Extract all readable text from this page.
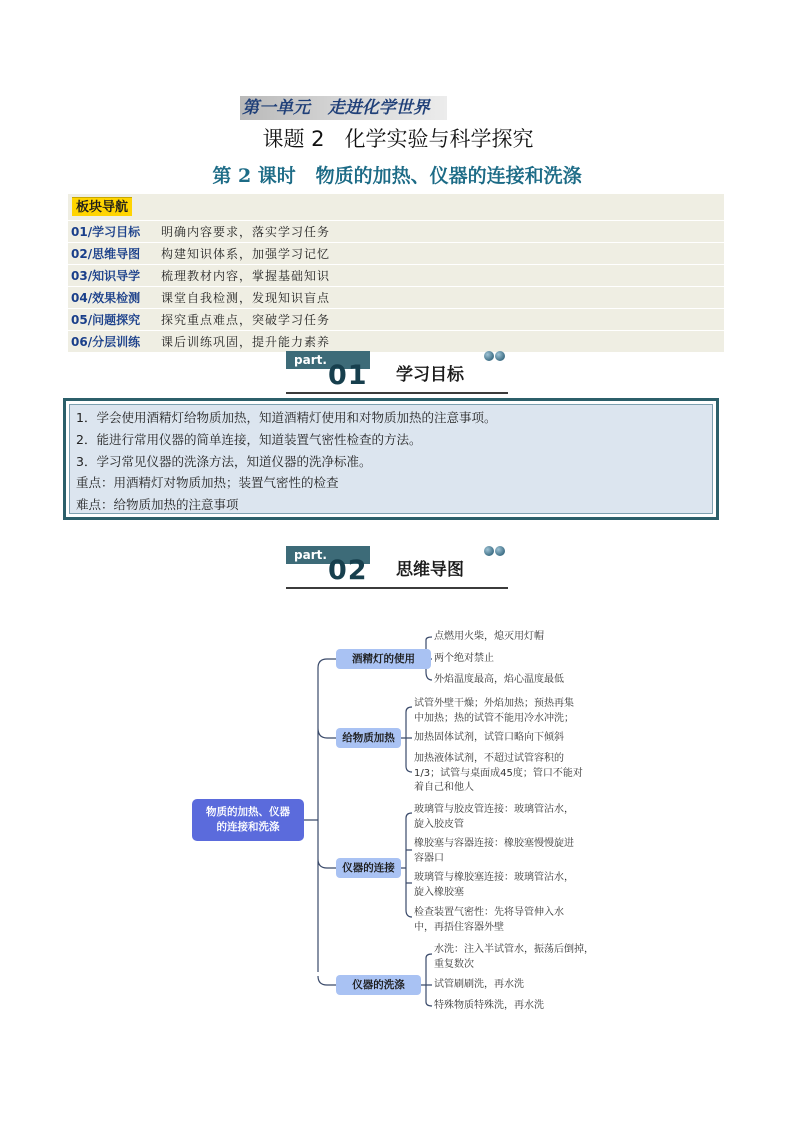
第一单元   走进化学世界
课题 2   化学实验与科学探究
第 2 课时   物质的加热、仪器的连接和洗涤
板块导航
01/学习目标 明确内容要求，落实学习任务
02/思维导图 构建知识体系，加强学习记忆
03/知识导学 梳理教材内容，掌握基础知识
04/效果检测 课堂自我检测，发现知识盲点
05/问题探究 探究重点难点，突破学习任务
06/分层训练 课后训练巩固，提升能力素养
part. 01 学习目标
1．学会使用酒精灯给物质加热，知道酒精灯使用和对物质加热的注意事项。
2．能进行常用仪器的简单连接，知道装置气密性检查的方法。
3．学习常见仪器的洗涤方法，知道仪器的洗净标准。
重点：用酒精灯对物质加热；装置气密性的检查
难点：给物质加热的注意事项
part. 02 思维导图
物质的加热、仪器
的连接和洗涤
酒精灯的使用
点燃用火柴，熄灭用灯帽
两个绝对禁止
外焰温度最高，焰心温度最低
给物质加热
试管外壁干燥；外焰加热；预热再集
中加热；热的试管不能用冷水冲洗；
加热固体试剂，试管口略向下倾斜
加热液体试剂，不超过试管容积的
1/3；试管与桌面成45度；管口不能对
着自己和他人
仪器的连接
玻璃管与胶皮管连接：玻璃管沾水，
旋入胶皮管
橡胶塞与容器连接：橡胶塞慢慢旋进
容器口
玻璃管与橡胶塞连接：玻璃管沾水，
旋入橡胶塞
检查装置气密性：先将导管伸入水
中，再捂住容器外壁
仪器的洗涤
水洗：注入半试管水，振荡后倒掉，
重复数次
试管刷刷洗，再水洗
特殊物质特殊洗，再水洗
